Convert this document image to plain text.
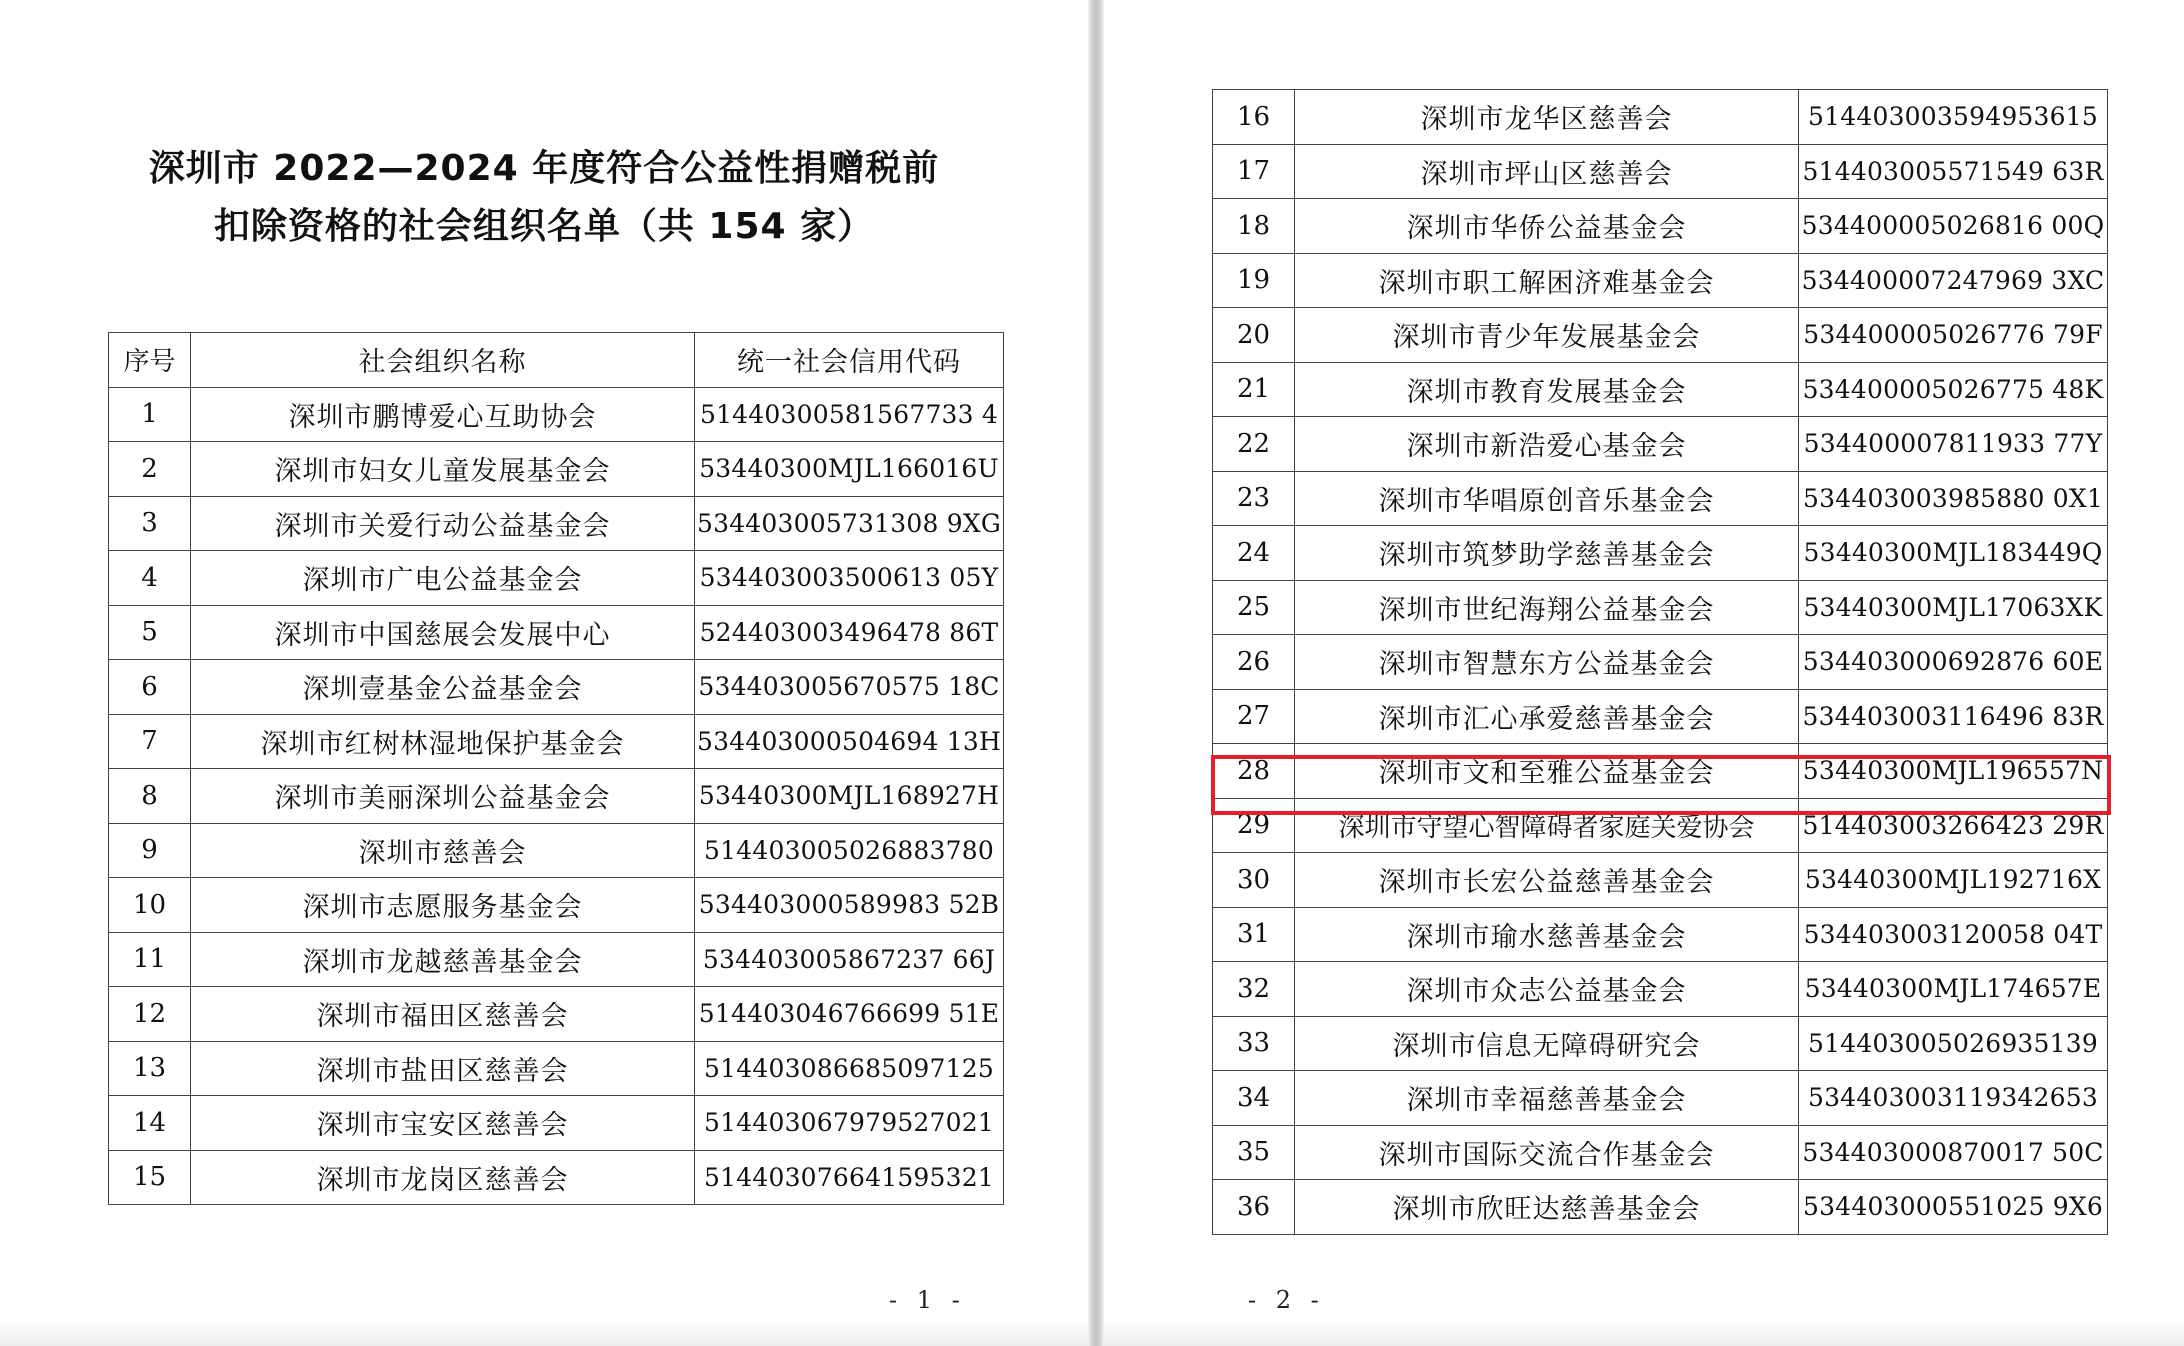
深圳市 2022—2024 年度符合公益性捐赠税前
扣除资格的社会组织名单（共 154 家）
序号	社会组织名称	统一社会信用代码
1	深圳市鹏博爱心互助协会	51440300581567733 4
2	深圳市妇女儿童发展基金会	53440300MJL166016U
3	深圳市关爱行动公益基金会	534403005731308 9XG
4	深圳市广电公益基金会	534403003500613 05Y
5	深圳市中国慈展会发展中心	524403003496478 86T
6	深圳壹基金公益基金会	534403005670575 18C
7	深圳市红树林湿地保护基金会	534403000504694 13H
8	深圳市美丽深圳公益基金会	53440300MJL168927H
9	深圳市慈善会	514403005026883780
10	深圳市志愿服务基金会	534403000589983 52B
11	深圳市龙越慈善基金会	534403005867237 66J
12	深圳市福田区慈善会	514403046766699 51E
13	深圳市盐田区慈善会	514403086685097125
14	深圳市宝安区慈善会	514403067979527021
15	深圳市龙岗区慈善会	514403076641595321
- 1 -
16	深圳市龙华区慈善会	514403003594953615
17	深圳市坪山区慈善会	514403005571549 63R
18	深圳市华侨公益基金会	534400005026816 00Q
19	深圳市职工解困济难基金会	534400007247969 3XC
20	深圳市青少年发展基金会	534400005026776 79F
21	深圳市教育发展基金会	534400005026775 48K
22	深圳市新浩爱心基金会	534400007811933 77Y
23	深圳市华唱原创音乐基金会	534403003985880 0X1
24	深圳市筑梦助学慈善基金会	53440300MJL183449Q
25	深圳市世纪海翔公益基金会	53440300MJL17063XK
26	深圳市智慧东方公益基金会	534403000692876 60E
27	深圳市汇心承爱慈善基金会	534403003116496 83R
28	深圳市文和至雅公益基金会	53440300MJL196557N
29	深圳市守望心智障碍者家庭关爱协会	514403003266423 29R
30	深圳市长宏公益慈善基金会	53440300MJL192716X
31	深圳市瑜水慈善基金会	534403003120058 04T
32	深圳市众志公益基金会	53440300MJL174657E
33	深圳市信息无障碍研究会	514403005026935139
34	深圳市幸福慈善基金会	534403003119342653
35	深圳市国际交流合作基金会	534403000870017 50C
36	深圳市欣旺达慈善基金会	534403000551025 9X6
- 2 -
